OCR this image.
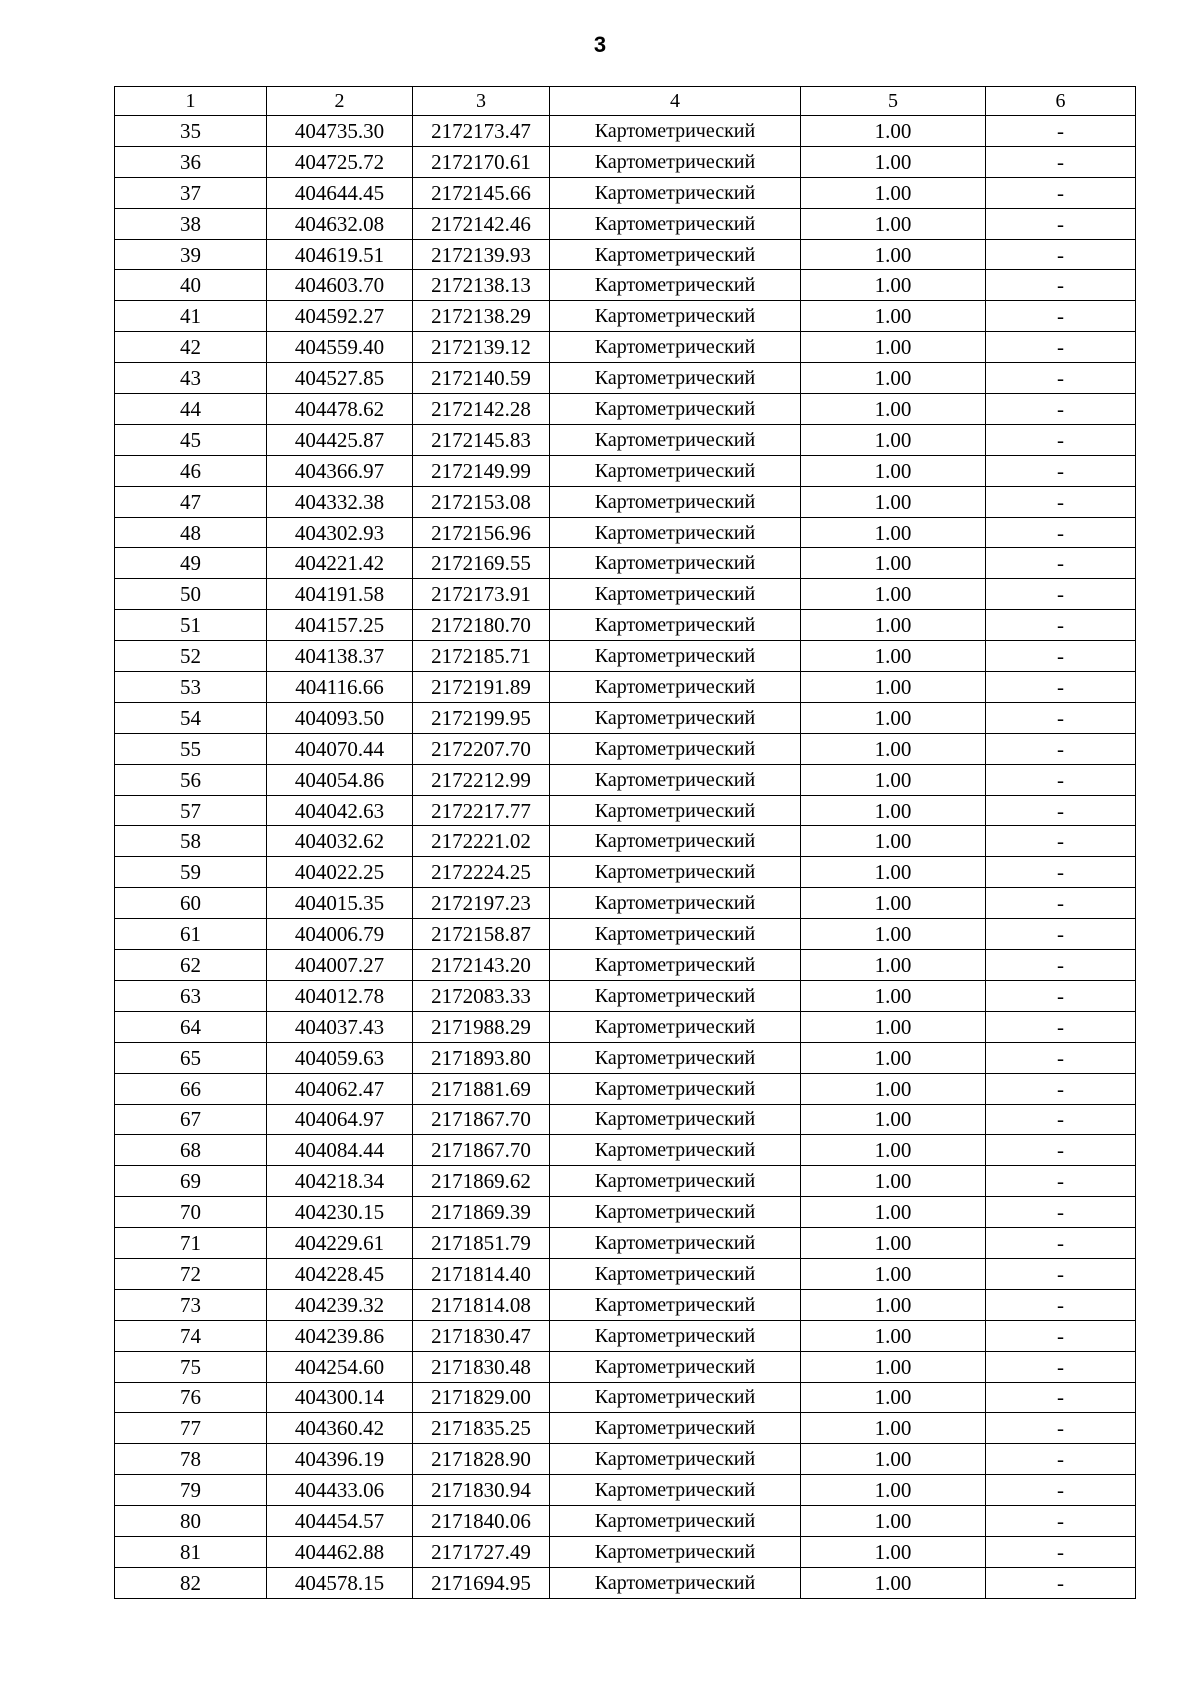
3
1	2	3	4	5	6
35	404735.30	2172173.47	Картометрический	1.00	-
36	404725.72	2172170.61	Картометрический	1.00	-
37	404644.45	2172145.66	Картометрический	1.00	-
38	404632.08	2172142.46	Картометрический	1.00	-
39	404619.51	2172139.93	Картометрический	1.00	-
40	404603.70	2172138.13	Картометрический	1.00	-
41	404592.27	2172138.29	Картометрический	1.00	-
42	404559.40	2172139.12	Картометрический	1.00	-
43	404527.85	2172140.59	Картометрический	1.00	-
44	404478.62	2172142.28	Картометрический	1.00	-
45	404425.87	2172145.83	Картометрический	1.00	-
46	404366.97	2172149.99	Картометрический	1.00	-
47	404332.38	2172153.08	Картометрический	1.00	-
48	404302.93	2172156.96	Картометрический	1.00	-
49	404221.42	2172169.55	Картометрический	1.00	-
50	404191.58	2172173.91	Картометрический	1.00	-
51	404157.25	2172180.70	Картометрический	1.00	-
52	404138.37	2172185.71	Картометрический	1.00	-
53	404116.66	2172191.89	Картометрический	1.00	-
54	404093.50	2172199.95	Картометрический	1.00	-
55	404070.44	2172207.70	Картометрический	1.00	-
56	404054.86	2172212.99	Картометрический	1.00	-
57	404042.63	2172217.77	Картометрический	1.00	-
58	404032.62	2172221.02	Картометрический	1.00	-
59	404022.25	2172224.25	Картометрический	1.00	-
60	404015.35	2172197.23	Картометрический	1.00	-
61	404006.79	2172158.87	Картометрический	1.00	-
62	404007.27	2172143.20	Картометрический	1.00	-
63	404012.78	2172083.33	Картометрический	1.00	-
64	404037.43	2171988.29	Картометрический	1.00	-
65	404059.63	2171893.80	Картометрический	1.00	-
66	404062.47	2171881.69	Картометрический	1.00	-
67	404064.97	2171867.70	Картометрический	1.00	-
68	404084.44	2171867.70	Картометрический	1.00	-
69	404218.34	2171869.62	Картометрический	1.00	-
70	404230.15	2171869.39	Картометрический	1.00	-
71	404229.61	2171851.79	Картометрический	1.00	-
72	404228.45	2171814.40	Картометрический	1.00	-
73	404239.32	2171814.08	Картометрический	1.00	-
74	404239.86	2171830.47	Картометрический	1.00	-
75	404254.60	2171830.48	Картометрический	1.00	-
76	404300.14	2171829.00	Картометрический	1.00	-
77	404360.42	2171835.25	Картометрический	1.00	-
78	404396.19	2171828.90	Картометрический	1.00	-
79	404433.06	2171830.94	Картометрический	1.00	-
80	404454.57	2171840.06	Картометрический	1.00	-
81	404462.88	2171727.49	Картометрический	1.00	-
82	404578.15	2171694.95	Картометрический	1.00	-
